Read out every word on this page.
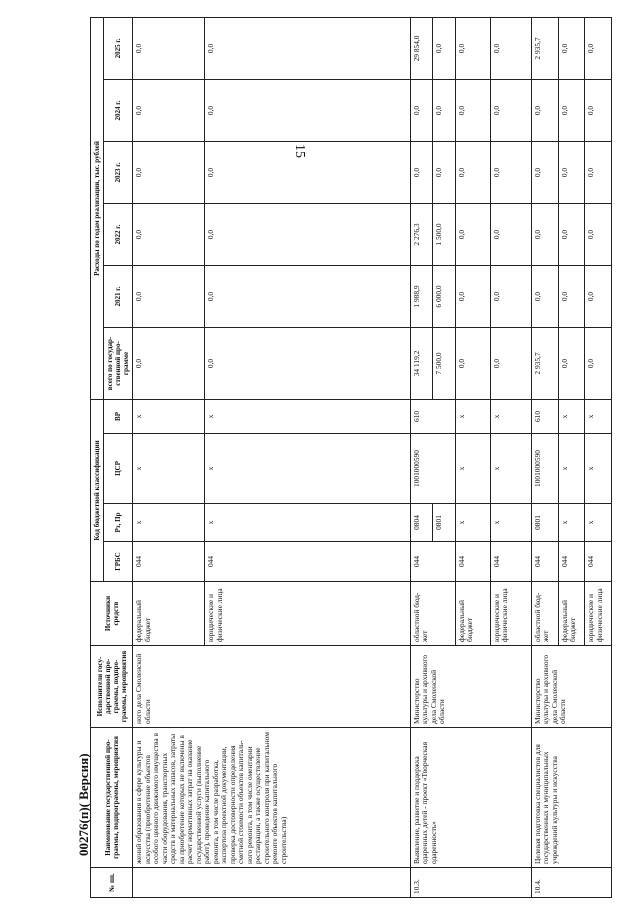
15
00276(п)( Версия)
№ пп.	Наименование государственной программы, подпрограммы, мероприятия	Исполнители государственной программы, подпрограммы, мероприятия	Источники средств	Код бюджетной классификации				Расходы по годам реализации, тыс. рублей					
				ГРБС	Рз, Пр	ЦСР	ВР	всего по государственной программе	2021 г.	2022 г.	2023 г.	2024 г.	2025 г.
	жений образования в сфере культуры и искусства (приобретение объектов особого ценного движимого имущества в части оборудования, транспортных средств и материальных запасов, затраты на приобретение которых не включены в расчет нормативных затрат на оказание государственной услуги (выполнение работ), проведение капитального ремонта, в том числе разработка, экспертиза проектной документации, проверка достоверности определения сметной стоимости объектов капитального ремонта, в том числе оментарии реставрации, а также осуществление строительного контроля при капитальном ремонте объектов капитального строительства)	ного дела Смоленской области	федеральный бюджет	044	х	х	х	0,0	0,0	0,0	0,0	0,0	0,0
			юридические и физические лица	044	х	х	х	0,0	0,0	0,0	0,0	0,0	0,0
10.3.	Выявление, развитие и поддержка одаренных детей - проект «Творческая одаренность»	Министерство культуры и архивного дела Смоленской области	областной бюджет	044	0804	1001000590	610	34 119,2	1 988,9	2 276,3	0,0	0,0	29 854,0
					0801			7 500,0	6 000,0	1 500,0	0,0	0,0	0,0
			федеральный бюджет	044	х	х	х	0,0	0,0	0,0	0,0	0,0	0,0
			юридические и физические лица	044	х	х	х	0,0	0,0	0,0	0,0	0,0	0,0
10.4.	Целевая подготовка специалистов для государственных и муниципальных учреждений культуры и искусства	Министерство культуры и архивного дела Смоленской области	областной бюджет	044	0801	1001000590	610	2 935,7	0,0	0,0	0,0	0,0	2 935,7
			федеральный бюджет	044	х	х	х	0,0	0,0	0,0	0,0	0,0	0,0
			юридические и физические лица	044	х	х	х	0,0	0,0	0,0	0,0	0,0	0,0
